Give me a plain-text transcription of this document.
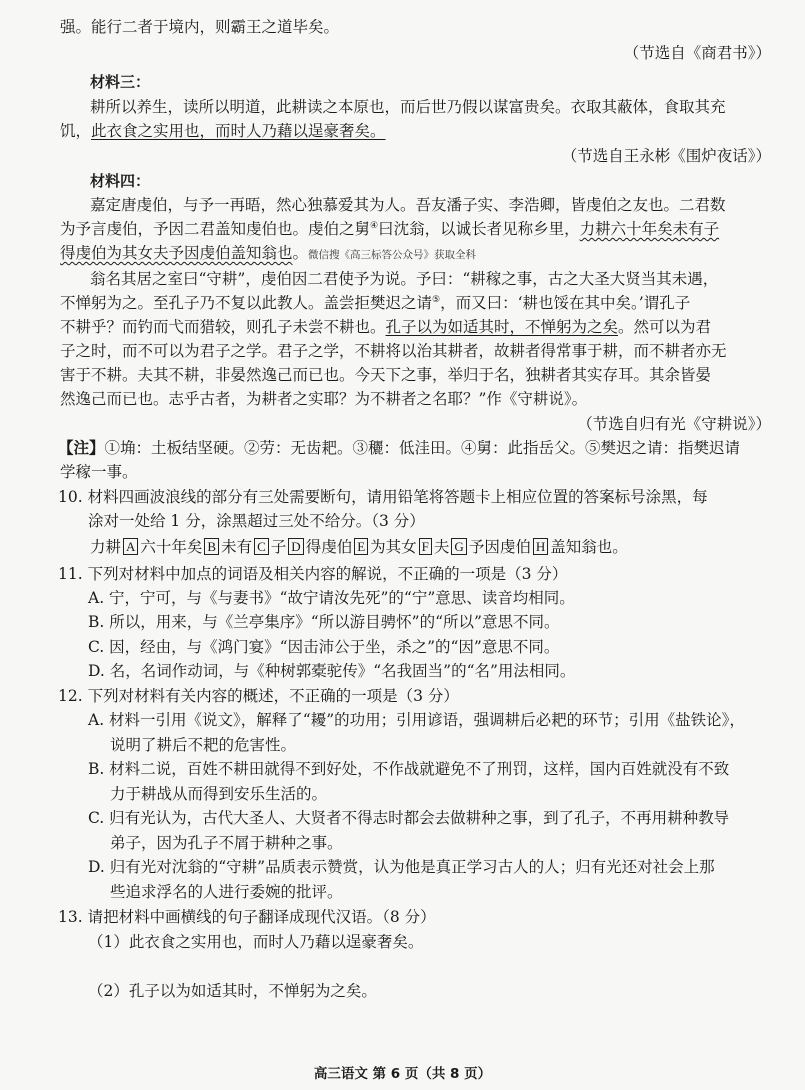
强。能行二者于境内，则霸王之道毕矣。
（节选自《商君书》）
材料三：
耕所以养生，读所以明道，此耕读之本原也，而后世乃假以谋富贵矣。衣取其蔽体，食取其充
饥，此衣食之实用也，而时人乃藉以逞豪奢矣。
（节选自王永彬《围炉夜话》）
材料四：
嘉定唐虔伯，与予一再晤，然心独慕爱其为人。吾友潘子实、李浩卿，皆虔伯之友也。二君数
为予言虔伯，予因二君盖知虔伯也。虔伯之舅④曰沈翁，以诚长者见称乡里，力耕六十年矣未有子
得虔伯为其女夫予因虔伯盖知翁也。微信搜《高三标答公众号》获取全科
翁名其居之室曰“守耕”，虔伯因二君使予为说。予曰：“耕稼之事，古之大圣大贤当其未遇，
不惮躬为之。至孔子乃不复以此教人。盖尝拒樊迟之请⑤，而又曰：‘耕也馁在其中矣。’谓孔子
不耕乎？而钓而弋而猎较，则孔子未尝不耕也。孔子以为如适其时，不惮躬为之矣。然可以为君
子之时，而不可以为君子之学。君子之学，不耕将以治其耕者，故耕者得常事于耕，而不耕者亦无
害于不耕。夫其不耕，非晏然逸己而已也。今天下之事，举归于名，独耕者其实存耳。其余皆晏
然逸己而已也。志乎古者，为耕者之实耶？为不耕者之名耶？”作《守耕说》。
（节选自归有光《守耕说》）
【注】①埆：土板结坚硬。②劳：无齿耙。③穲：低洼田。④舅：此指岳父。⑤樊迟之请：指樊迟请
学稼一事。
10. 材料四画波浪线的部分有三处需要断句，请用铅笔将答题卡上相应位置的答案标号涂黑，每
涂对一处给 1 分，涂黑超过三处不给分。（3 分）
力耕 A 六十年矣 B 未有 C 子 D 得虔伯 E 为其女 F 夫 G 予因虔伯 H 盖知翁也。
11. 下列对材料中加点的词语及相关内容的解说，不正确的一项是（3 分）
A. 宁，宁可，与《与妻书》“故宁请汝先死”的“宁”意思、读音均相同。
B. 所以，用来，与《兰亭集序》“所以游目骋怀”的“所以”意思不同。
C. 因，经由，与《鸿门宴》“因击沛公于坐，杀之”的“因”意思不同。
D. 名，名词作动词，与《种树郭橐驼传》“名我固当”的“名”用法相同。
12. 下列对材料有关内容的概述，不正确的一项是（3 分）
A. 材料一引用《说文》，解释了“耰”的功用；引用谚语，强调耕后必耙的环节；引用《盐铁论》，
说明了耕后不耙的危害性。
B. 材料二说，百姓不耕田就得不到好处，不作战就避免不了刑罚，这样，国内百姓就没有不致
力于耕战从而得到安乐生活的。
C. 归有光认为，古代大圣人、大贤者不得志时都会去做耕种之事，到了孔子，不再用耕种教导
弟子，因为孔子不屑于耕种之事。
D. 归有光对沈翁的“守耕”品质表示赞赏，认为他是真正学习古人的人；归有光还对社会上那
些追求浮名的人进行委婉的批评。
13. 请把材料中画横线的句子翻译成现代汉语。（8 分）
（1）此衣食之实用也，而时人乃藉以逞豪奢矣。
（2）孔子以为如适其时，不惮躬为之矣。
高三语文 第 6 页（共 8 页）
